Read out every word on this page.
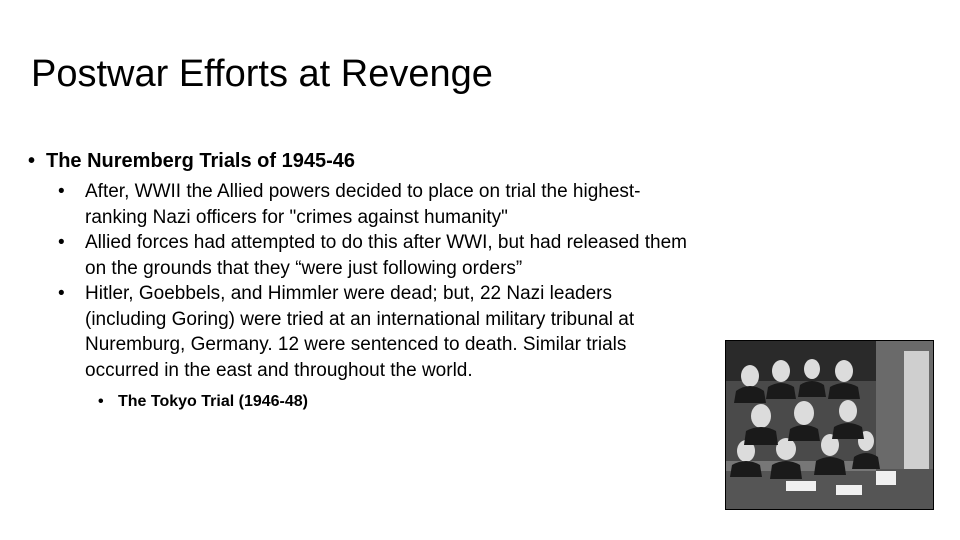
Postwar Efforts at Revenge
• The Nuremberg Trials of 1945-46
• After, WWII the Allied powers decided to place on trial the highest-ranking Nazi officers for "crimes against humanity"
• Allied forces had attempted to do this after WWI, but had released them on the grounds that they “were just following orders”
• Hitler, Goebbels, and Himmler were dead; but, 22 Nazi leaders (including Goring) were tried at an international military tribunal at Nuremburg, Germany. 12 were sentenced to death. Similar trials occurred in the east and throughout the world.
• The Tokyo Trial (1946-48)
